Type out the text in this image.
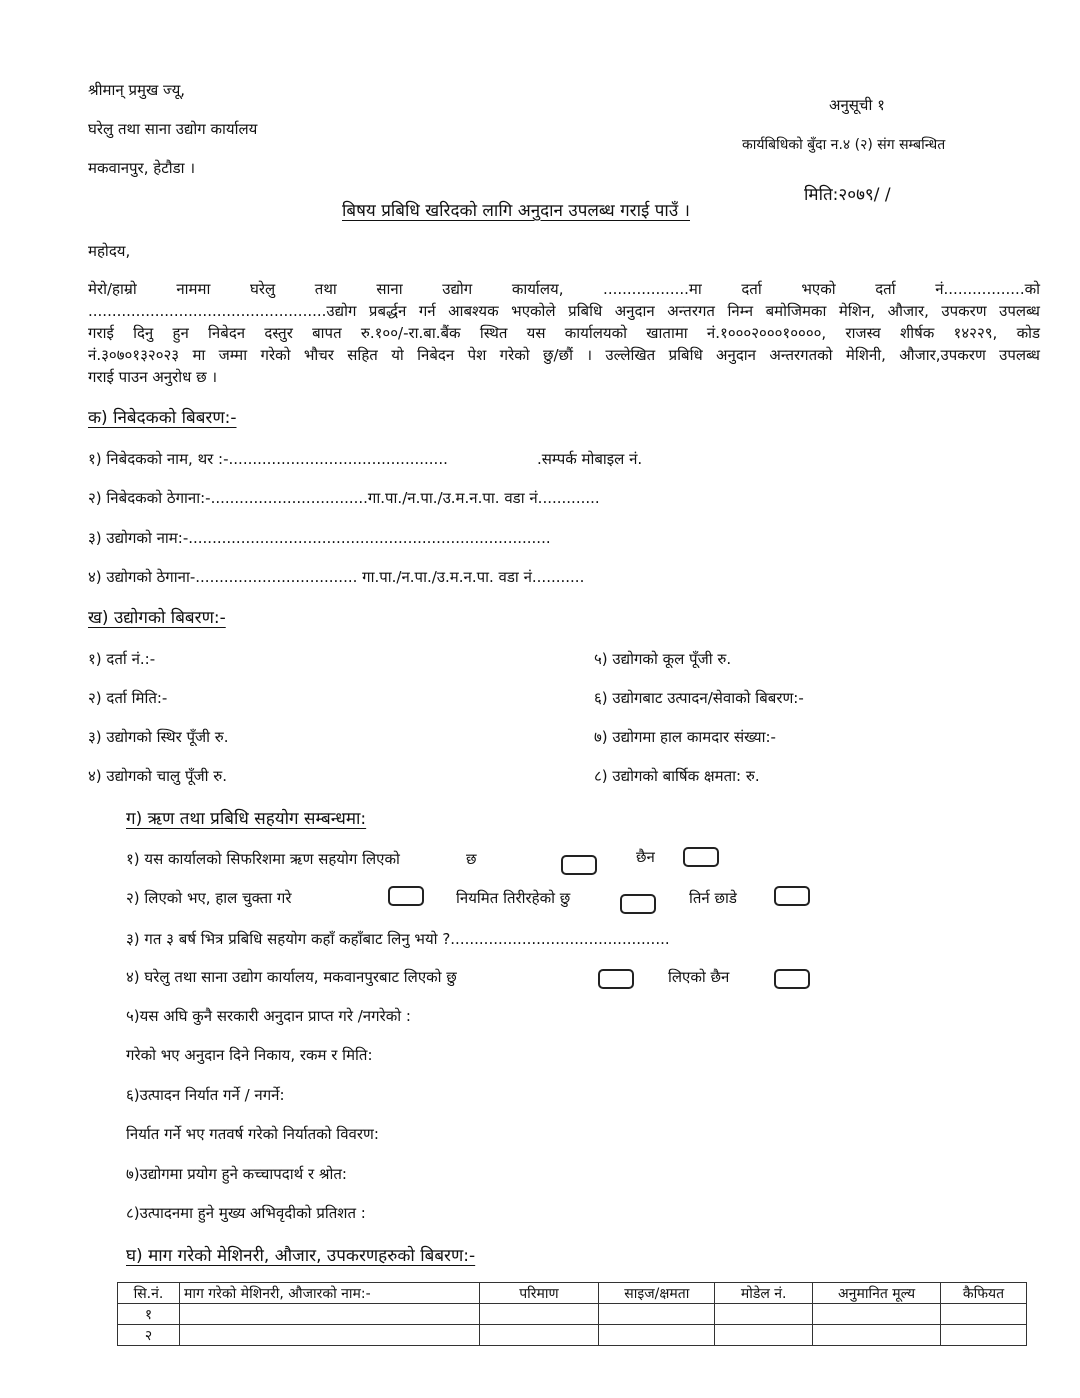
श्रीमान् प्रमुख ज्यू,
घरेलु तथा साना उद्योग कार्यालय
मकवानपुर, हेटौडा ।
अनुसूची १
कार्यबिधिको बुँदा न.४ (२) संग सम्बन्धित
मिति:२०७९/ /
बिषय प्रबिधि खरिदको लागि अनुदान उपलब्ध गराई पाउँ ।
महोदय,
मेरो/हाम्रो नाममा घरेलु तथा साना उद्योग कार्यालय, ..................मा दर्ता भएको दर्ता नं.................को
..................................................उद्योग प्रबर्द्धन गर्न आबश्यक भएकोले प्रबिधि अनुदान अन्तरगत निम्न बमोजिमका मेशिन, औजार, उपकरण उपलब्ध
गराई दिनु हुन निबेदन दस्तुर बापत रु.१००/-रा.बा.बैंक स्थित यस कार्यालयको खातामा नं.१०००२०००१००००, राजस्व शीर्षक १४२२९, कोड
नं.३०७०१३२०२३ मा जम्मा गरेको भौचर सहित यो निबेदन पेश गरेको छु/छौं । उल्लेखित प्रबिधि अनुदान अन्तरगतको मेशिनी, औजार,उपकरण उपलब्ध
गराई पाउन अनुरोध छ ।
क) निबेदकको बिबरण:-
१) निबेदकको नाम, थर :-..............................................	.सम्पर्क मोबाइल नं.
२) निबेदकको ठेगाना:-.................................गा.पा./न.पा./उ.म.न.पा. वडा नं.............
३) उद्योगको नाम:-............................................................................
४) उद्योगको ठेगाना-.................................. गा.पा./न.पा./उ.म.न.पा. वडा नं...........
ख) उद्योगको बिबरण:-
१) दर्ता नं.:-
२) दर्ता मिति:-
३) उद्योगको स्थिर पूँजी रु.
४) उद्योगको चालु पूँजी रु.
५) उद्योगको कूल पूँजी रु.
६) उद्योगबाट उत्पादन/सेवाको बिबरण:-
७) उद्योगमा हाल कामदार संख्या:-
८) उद्योगको बार्षिक क्षमता: रु.
ग) ऋण तथा प्रबिधि सहयोग सम्बन्धमा:
१) यस कार्यालको सिफरिशमा ऋण सहयोग लिएको	छ	छैन
२) लिएको भए, हाल चुक्ता गरे	नियमित तिरीरहेको छु	तिर्न छाडे
३) गत ३ बर्ष भित्र प्रबिधि सहयोग कहाँ कहाँबाट लिनु भयो ?..............................................
४) घरेलु तथा साना उद्योग कार्यालय, मकवानपुरबाट लिएको छु	लिएको छैन
५)यस अघि कुनै सरकारी अनुदान प्राप्त गरे /नगरेको :
गरेको भए अनुदान दिने निकाय, रकम र मिति:
६)उत्पादन निर्यात गर्ने / नगर्ने:
निर्यात गर्ने भए गतवर्ष गरेको निर्यातको विवरण:
७)उद्योगमा प्रयोग हुने कच्चापदार्थ र श्रोत:
८)उत्पादनमा हुने मुख्य अभिवृदीको प्रतिशत :
घ) माग गरेको मेशिनरी, औजार, उपकरणहरुको बिबरण:-
सि.नं.	माग गरेको मेशिनरी, औजारको नाम:-	परिमाण	साइज/क्षमता	मोडेल नं.	अनुमानित मूल्य	कैफियत
१						
२						
